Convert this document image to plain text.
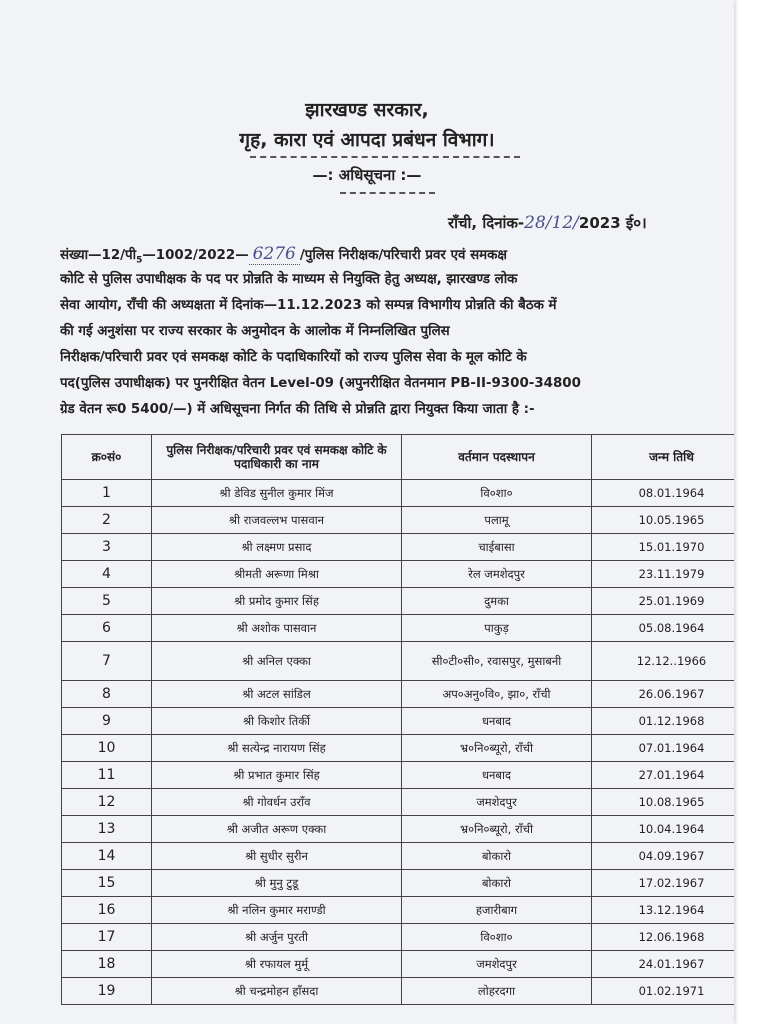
झारखण्ड सरकार,
गृह, कारा एवं आपदा प्रबंधन विभाग।
—: अधिसूचना :—
राँची, दिनांक-28/12/2023 ई०।
$संख्या—12/पी_5—1002/2022—$ 6276 /पुलिस निरीक्षक/परिचारी प्रवर एवं समकक्ष
कोटि से पुलिस उपाधीक्षक के पद पर प्रोन्नति के माध्यम से नियुक्ति हेतु अध्यक्ष, झारखण्ड लोक
सेवा आयोग, राँची की अध्यक्षता में दिनांक—11.12.2023 को सम्पन्न विभागीय प्रोन्नति की बैठक में
की गई अनुशंसा पर राज्य सरकार के अनुमोदन के आलोक में निम्नलिखित पुलिस
निरीक्षक/परिचारी प्रवर एवं समकक्ष कोटि के पदाधिकारियों को राज्य पुलिस सेवा के मूल कोटि के
पद(पुलिस उपाधीक्षक) पर पुनरीक्षित वेतन Level-09 (अपुनरीक्षित वेतनमान PB-II-9300-34800
ग्रेड वेतन रू0 5400/—) में अधिसूचना निर्गत की तिथि से प्रोन्नति द्वारा नियुक्त किया जाता है :-
क्र०सं०	पुलिस निरीक्षक/परिचारी प्रवर एवं समकक्ष कोटि के पदाधिकारी का नाम	वर्तमान पदस्थापन	जन्म तिथि
1	श्री डेविड सुनील कुमार मिंज	वि०शा०	08.01.1964
2	श्री राजवल्लभ पासवान	पलामू	10.05.1965
3	श्री लक्ष्मण प्रसाद	चाईबासा	15.01.1970
4	श्रीमती अरूणा मिश्रा	रेल जमशेदपुर	23.11.1979
5	श्री प्रमोद कुमार सिंह	दुमका	25.01.1969
6	श्री अशोक पासवान	पाकुड़	05.08.1964
7	श्री अनिल एक्का	सी०टी०सी०, रवासपुर, मुसाबनी	12.12..1966
8	श्री अटल सांडिल	अप०अनु०वि०, झा०, राँची	26.06.1967
9	श्री किशोर तिर्की	धनबाद	01.12.1968
10	श्री सत्येन्द्र नारायण सिंह	भ्र०नि०ब्यूरो, राँची	07.01.1964
11	श्री प्रभात कुमार सिंह	धनबाद	27.01.1964
12	श्री गोवर्धन उराँव	जमशेदपुर	10.08.1965
13	श्री अजीत अरूण एक्का	भ्र०नि०ब्यूरो, राँची	10.04.1964
14	श्री सुधीर सुरीन	बोकारो	04.09.1967
15	श्री मुनु टुडू	बोकारो	17.02.1967
16	श्री नलिन कुमार मराण्डी	हजारीबाग	13.12.1964
17	श्री अर्जुन पुरती	वि०शा०	12.06.1968
18	श्री रफायल मुर्मू	जमशेदपुर	24.01.1967
19	श्री चन्द्रमोहन हाँसदा	लोहरदगा	01.02.1971
